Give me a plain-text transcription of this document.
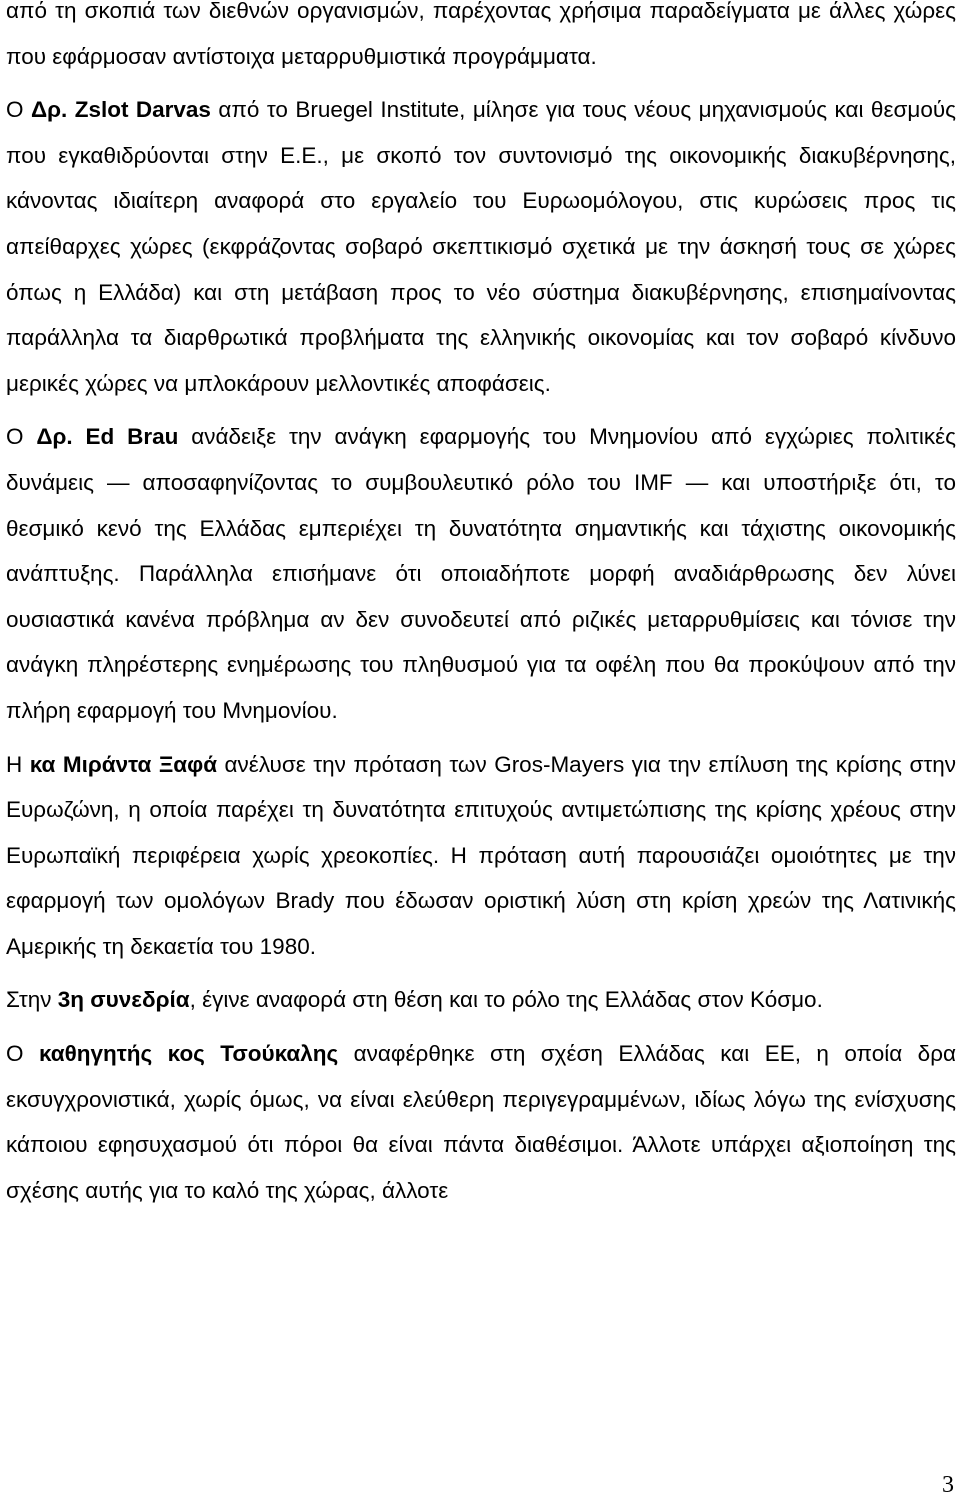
από τη σκοπιά των διεθνών οργανισμών, παρέχοντας χρήσιμα παραδείγματα με άλλες χώρες που εφάρμοσαν αντίστοιχα μεταρρυθμιστικά προγράμματα.

Ο Δρ. Zslot Darvas από το Bruegel Institute, μίλησε για τους νέους μηχανισμούς και θεσμούς που εγκαθιδρύονται στην Ε.Ε., με σκοπό τον συντονισμό της οικονομικής διακυβέρνησης, κάνοντας ιδιαίτερη αναφορά στο εργαλείο του Ευρωομόλογου, στις κυρώσεις προς τις απείθαρχες χώρες (εκφράζοντας σοβαρό σκεπτικισμό σχετικά με την άσκησή τους σε χώρες όπως η Ελλάδα) και στη μετάβαση προς το νέο σύστημα διακυβέρνησης, επισημαίνοντας παράλληλα τα διαρθρωτικά προβλήματα της ελληνικής οικονομίας και τον σοβαρό κίνδυνο μερικές χώρες να μπλοκάρουν μελλοντικές αποφάσεις.

Ο Δρ. Ed Brau ανάδειξε την ανάγκη εφαρμογής του Μνημονίου από εγχώριες πολιτικές δυνάμεις — αποσαφηνίζοντας το συμβουλευτικό ρόλο του IMF — και υποστήριξε ότι, το θεσμικό κενό της Ελλάδας εμπεριέχει τη δυνατότητα σημαντικής και τάχιστης οικονομικής ανάπτυξης. Παράλληλα επισήμανε ότι οποιαδήποτε μορφή αναδιάρθρωσης δεν λύνει ουσιαστικά κανένα πρόβλημα αν δεν συνοδευτεί από ριζικές μεταρρυθμίσεις και τόνισε την ανάγκη πληρέστερης ενημέρωσης του πληθυσμού για τα οφέλη που θα προκύψουν από την πλήρη εφαρμογή του Μνημονίου.

Η κα Μιράντα Ξαφά ανέλυσε την πρόταση των Gros-Mayers για την επίλυση της κρίσης στην Ευρωζώνη, η οποία παρέχει τη δυνατότητα επιτυχούς αντιμετώπισης της κρίσης χρέους στην Ευρωπαϊκή περιφέρεια χωρίς χρεοκοπίες. Η πρόταση αυτή παρουσιάζει ομοιότητες με την εφαρμογή των ομολόγων Brady που έδωσαν οριστική λύση στη κρίση χρεών της Λατινικής Αμερικής τη δεκαετία του 1980.

Στην 3η συνεδρία, έγινε αναφορά στη θέση και το ρόλο της Ελλάδας στον Κόσμο.

Ο καθηγητής κος Τσούκαλης αναφέρθηκε στη σχέση Ελλάδας και ΕΕ, η οποία δρα εκσυγχρονιστικά, χωρίς όμως, να είναι ελεύθερη περιγεγραμμένων, ιδίως λόγω της ενίσχυσης κάποιου εφησυχασμού ότι πόροι θα είναι πάντα διαθέσιμοι. Άλλοτε υπάρχει αξιοποίηση της σχέσης αυτής για το καλό της χώρας, άλλοτε

3
